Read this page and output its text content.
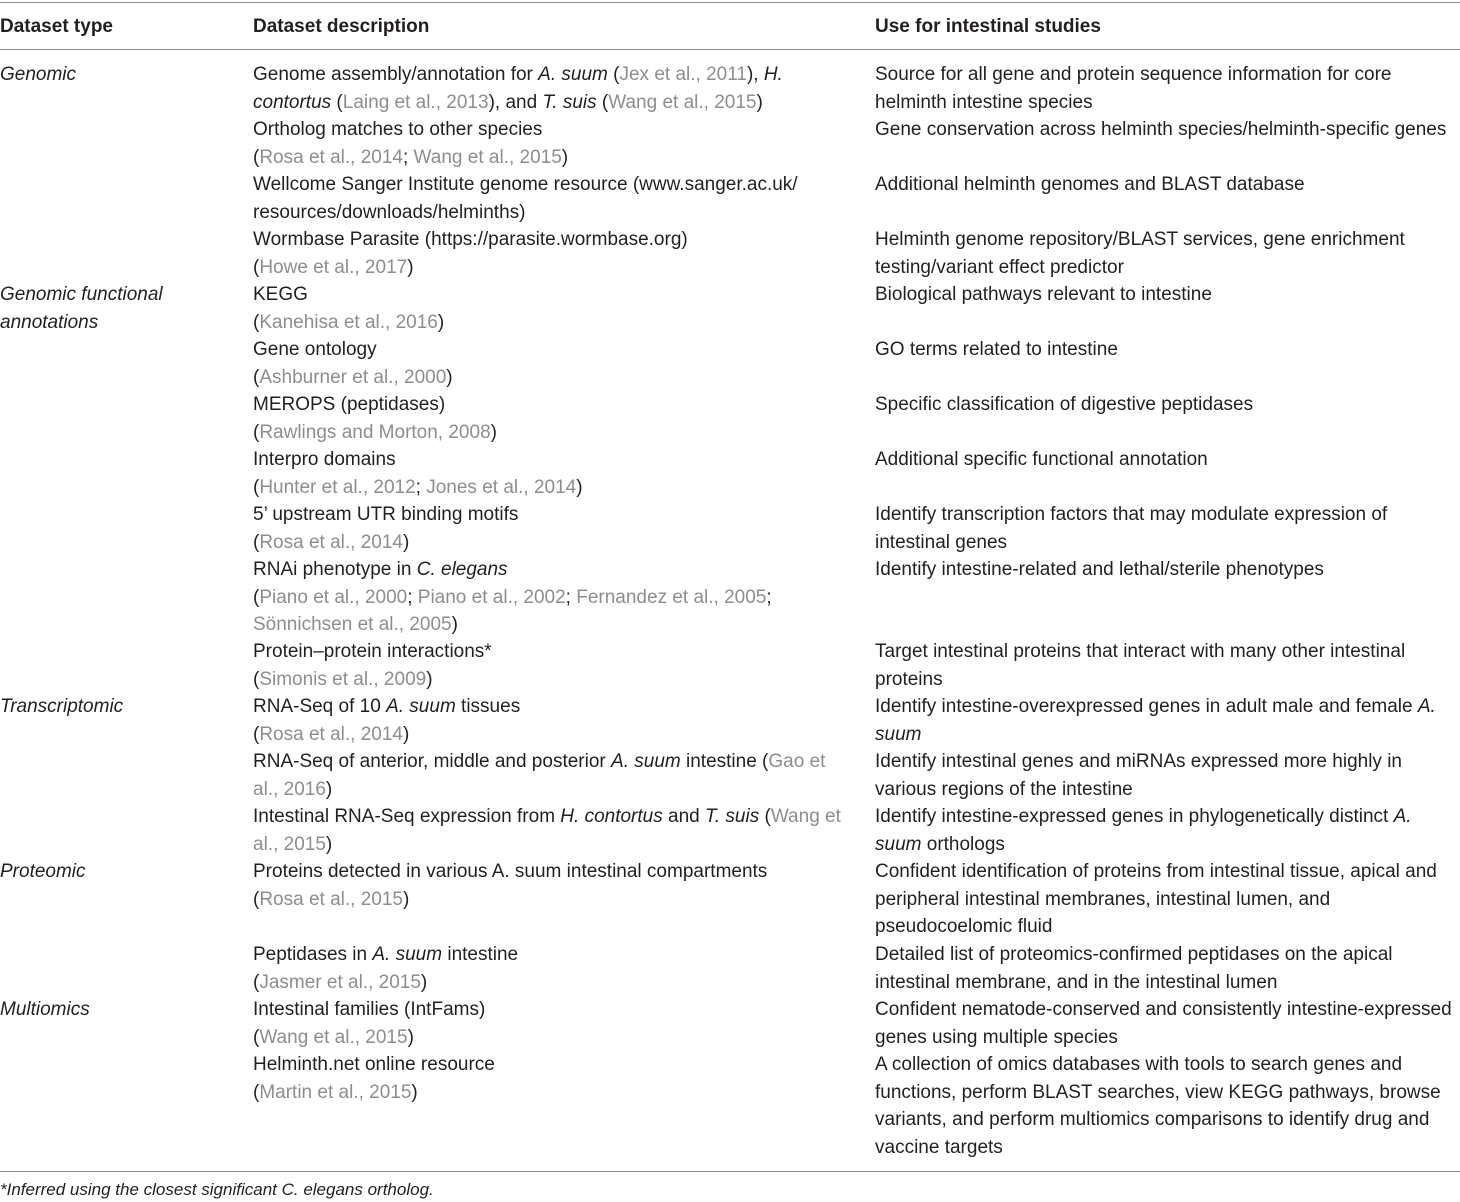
Dataset type	Dataset description	Use for intestinal studies
Genomic
Genomic functional annotations
Transcriptomic
Proteomic
Multiomics
Genome assembly/annotation for A. suum (Jex et al., 2011), H. contortus (Laing et al., 2013), and T. suis (Wang et al., 2015)
Source for all gene and protein sequence information for core helminth intestine species
Ortholog matches to other species
(Rosa et al., 2014; Wang et al., 2015)
Gene conservation across helminth species/helminth-specific genes
Wellcome Sanger Institute genome resource (www.sanger.ac.uk/ resources/downloads/helminths)
Additional helminth genomes and BLAST database
Wormbase Parasite (https://parasite.wormbase.org)
(Howe et al., 2017)
Helminth genome repository/BLAST services, gene enrichment testing/variant effect predictor
KEGG
(Kanehisa et al., 2016)
Biological pathways relevant to intestine
Gene ontology
(Ashburner et al., 2000)
GO terms related to intestine
MEROPS (peptidases)
(Rawlings and Morton, 2008)
Specific classification of digestive peptidases
Interpro domains
(Hunter et al., 2012; Jones et al., 2014)
Additional specific functional annotation
5’ upstream UTR binding motifs
(Rosa et al., 2014)
Identify transcription factors that may modulate expression of intestinal genes
RNAi phenotype in C. elegans
(Piano et al., 2000; Piano et al., 2002; Fernandez et al., 2005; Sönnichsen et al., 2005)
Identify intestine-related and lethal/sterile phenotypes
Protein–protein interactions*
(Simonis et al., 2009)
Target intestinal proteins that interact with many other intestinal proteins
RNA-Seq of 10 A. suum tissues
(Rosa et al., 2014)
Identify intestine-overexpressed genes in adult male and female A. suum
RNA-Seq of anterior, middle and posterior A. suum intestine (Gao et al., 2016)
Identify intestinal genes and miRNAs expressed more highly in various regions of the intestine
Intestinal RNA-Seq expression from H. contortus and T. suis (Wang et al., 2015)
Identify intestine-expressed genes in phylogenetically distinct A. suum orthologs
Proteins detected in various A. suum intestinal compartments
(Rosa et al., 2015)
Confident identification of proteins from intestinal tissue, apical and peripheral intestinal membranes, intestinal lumen, and pseudocoelomic fluid
Peptidases in A. suum intestine
(Jasmer et al., 2015)
Detailed list of proteomics-confirmed peptidases on the apical intestinal membrane, and in the intestinal lumen
Intestinal families (IntFams)
(Wang et al., 2015)
Confident nematode-conserved and consistently intestine-expressed genes using multiple species
Helminth.net online resource
(Martin et al., 2015)
A collection of omics databases with tools to search genes and functions, perform BLAST searches, view KEGG pathways, browse variants, and perform multiomics comparisons to identify drug and vaccine targets
*Inferred using the closest significant C. elegans ortholog.
